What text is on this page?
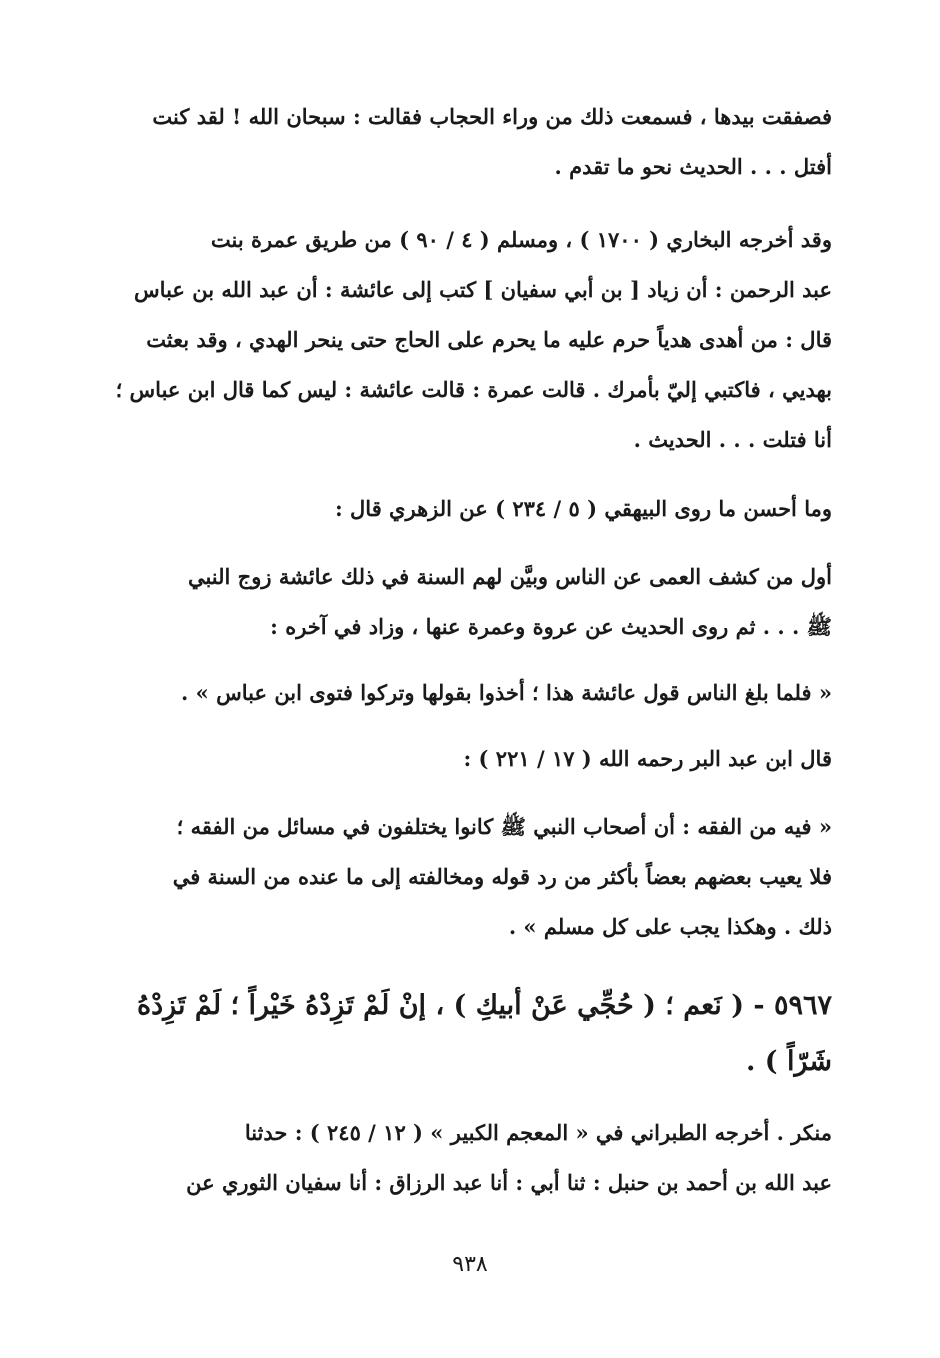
فصفقت بيدها ، فسمعت ذلك من وراء الحجاب فقالت : سبحان الله ! لقد كنت
أفتل . . . الحديث نحو ما تقدم .
وقد أخرجه البخاري ( ١٧٠٠ ) ، ومسلم ( ٤ / ٩٠ ) من طريق عمرة بنت
عبد الرحمن : أن زياد [ بن أبي سفيان ] كتب إلى عائشة : أن عبد الله بن عباس
قال : من أهدى هدياً حرم عليه ما يحرم على الحاج حتى ينحر الهدي ، وقد بعثت
بهديي ، فاكتبي إليّ بأمرك . قالت عمرة : قالت عائشة : ليس كما قال ابن عباس ؛
أنا فتلت . . . الحديث .
وما أحسن ما روى البيهقي ( ٥ / ٢٣٤ ) عن الزهري قال :
أول من كشف العمى عن الناس وبيَّن لهم السنة في ذلك عائشة زوج النبي
ﷺ . . . ثم روى الحديث عن عروة وعمرة عنها ، وزاد في آخره :
« فلما بلغ الناس قول عائشة هذا ؛ أخذوا بقولها وتركوا فتوى ابن عباس » .
قال ابن عبد البر رحمه الله ( ١٧ / ٢٢١ ) :
« فيه من الفقه : أن أصحاب النبي ﷺ كانوا يختلفون في مسائل من الفقه ؛
فلا يعيب بعضهم بعضاً بأكثر من رد قوله ومخالفته إلى ما عنده من السنة في
ذلك . وهكذا يجب على كل مسلم » .
٥٩٦٧ - ( نَعم ؛ ( حُجِّي عَنْ أبيكِ ) ، إنْ لَمْ تَزِدْهُ خَيْراً ؛ لَمْ تَزِدْهُ
شَرّاً ) .
منكر . أخرجه الطبراني في « المعجم الكبير » ( ١٢ / ٢٤٥ ) : حدثنا
عبد الله بن أحمد بن حنبل : ثنا أبي : أنا عبد الرزاق : أنا سفيان الثوري عن
٩٣٨
